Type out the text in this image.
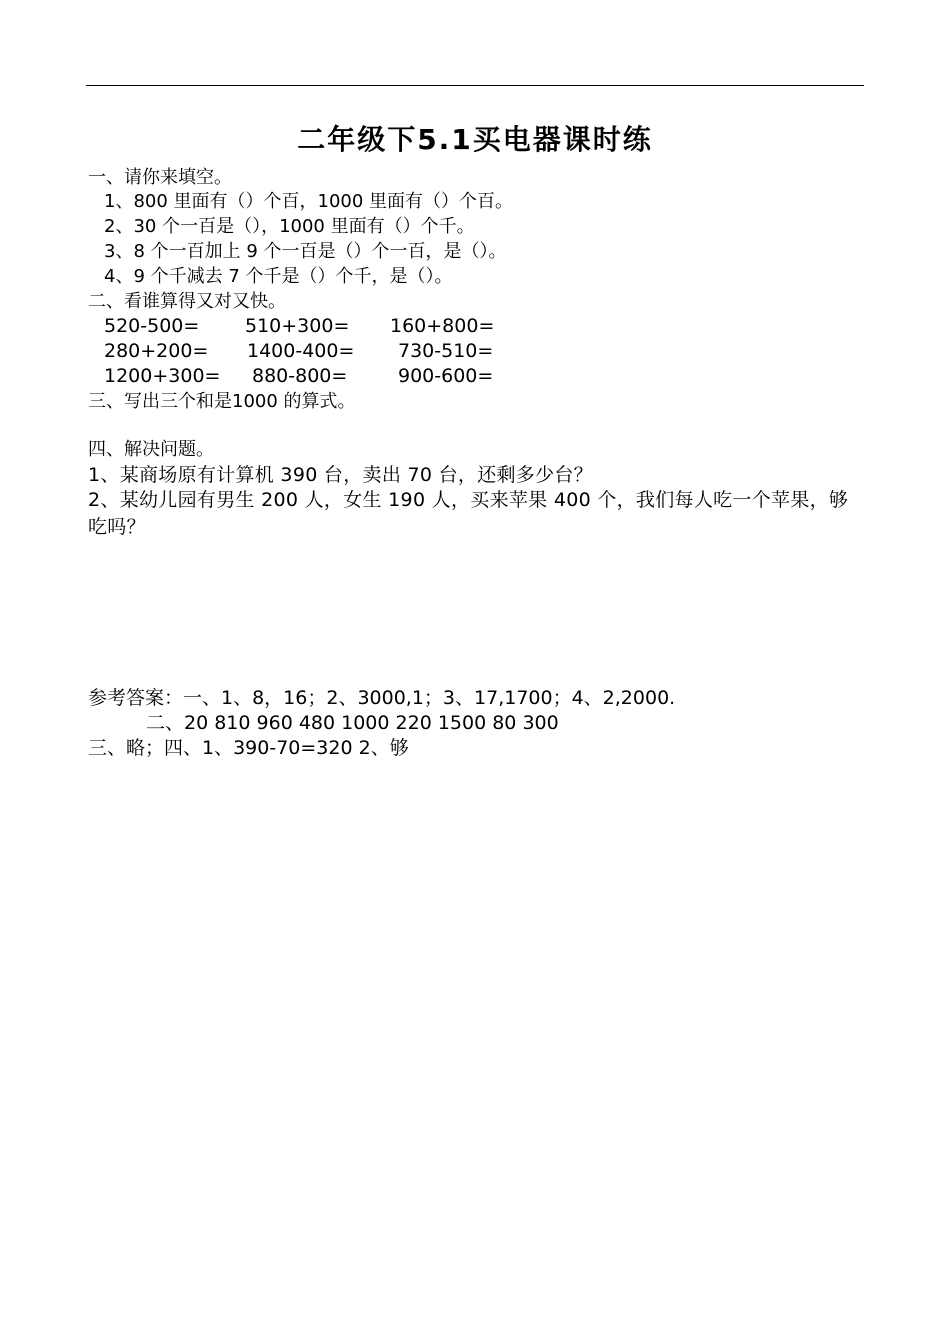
二年级下5.1买电器课时练
一、请你来填空。
1、800 里面有（）个百，1000 里面有（）个百。
2、30 个一百是（），1000 里面有（）个千。
3、8 个一百加上 9 个一百是（）个一百，是（）。
4、9 个千减去 7 个千是（）个千，是（）。
二、看谁算得又对又快。
520-500= 510+300= 160+800=
280+200= 1400-400= 730-510=
1200+300= 880-800=	900-600=
三、写出三个和是1000 的算式。
四、解决问题。
1、某商场原有计算机 390 台，卖出 70 台，还剩多少台？
2、某幼儿园有男生 200 人，女生 190 人，买来苹果 400 个，我们每人吃一个苹果，够吃吗？
参考答案：一、1、8，16；2、3000,1；3、17,1700；4、2,2000.
二、20 810 960 480 1000 220 1500 80 300
三、略；四、1、390-70=320 2、够
